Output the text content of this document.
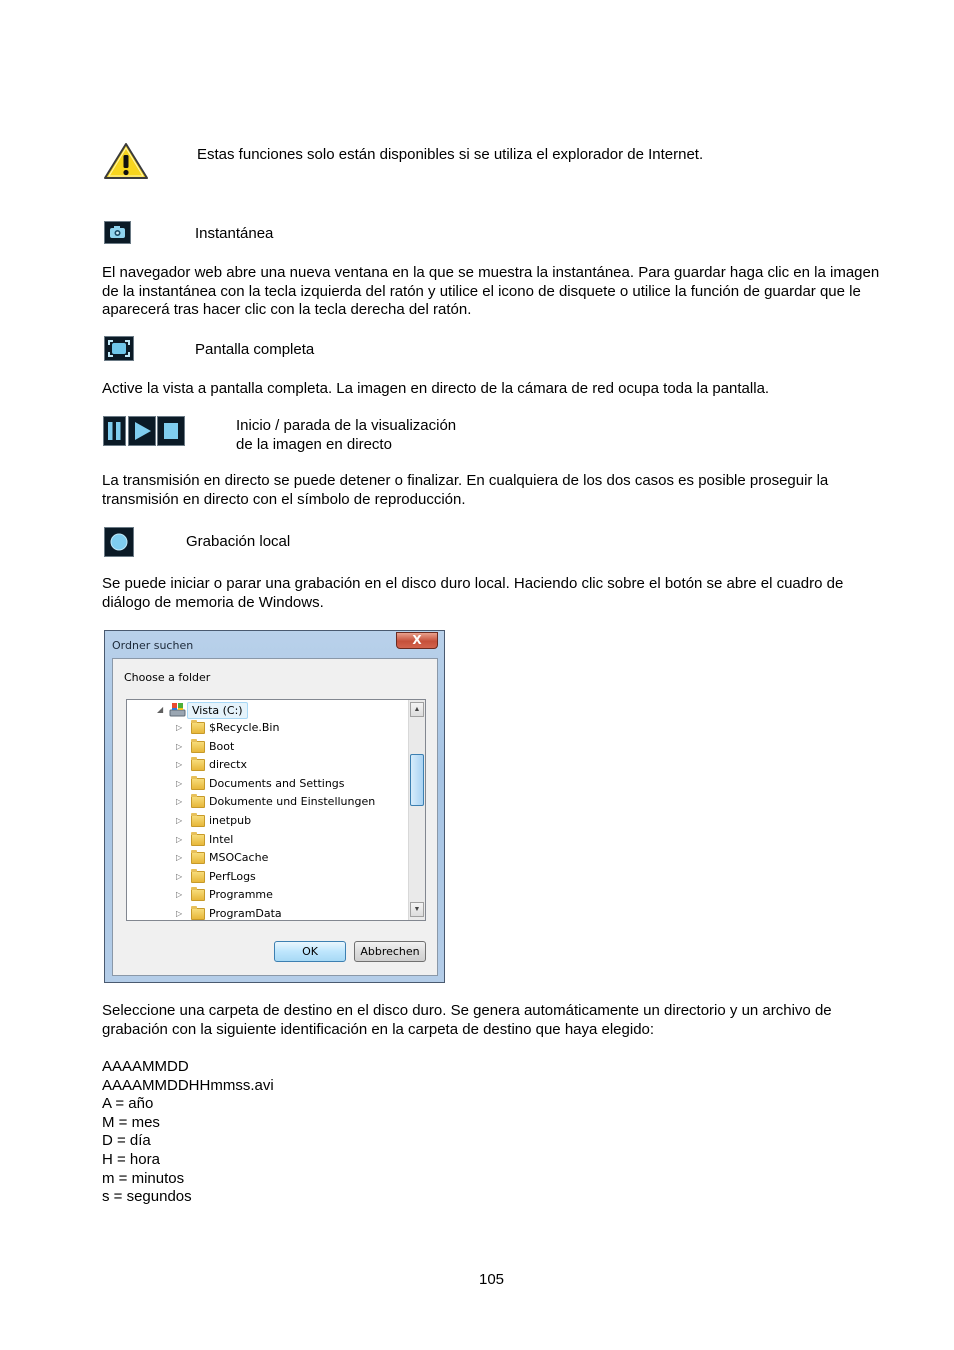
Estas funciones solo están disponibles si se utiliza el explorador de Internet.
Instantánea
El navegador web abre una nueva ventana en la que se muestra la instantánea. Para guardar haga clic en la imagen de la instantánea con la tecla izquierda del ratón y utilice el icono de disquete o utilice la función de guardar que le aparecerá tras hacer clic con la tecla derecha del ratón.
Pantalla completa
Active la vista a pantalla completa. La imagen en directo de la cámara de red ocupa toda la pantalla.
Inicio / parada de la visualización
de la imagen en directo
La transmisión en directo se puede detener o finalizar. En cualquiera de los dos casos es posible proseguir la transmisión en directo con el símbolo de reproducción.
Grabación local
Se puede iniciar o parar una grabación en el disco duro local. Haciendo clic sobre el botón se abre el cuadro de diálogo de memoria de Windows.
Ordner suchen	X
Choose a folder
◢	Vista (C:)
▷ $Recycle.Bin
▷ Boot
▷ directx
▷ Documents and Settings
▷ Dokumente und Einstellungen
▷ inetpub
▷ Intel
▷ MSOCache
▷ PerfLogs
▷ Programme
▷ ProgramData
▲
▼
OK	Abbrechen
Seleccione una carpeta de destino en el disco duro. Se genera automáticamente un directorio y un archivo de grabación con la siguiente identificación en la carpeta de destino que haya elegido:
AAAAMMDD
AAAAMMDDHHmmss.avi
A = año
M = mes
D = día
H = hora
m = minutos
s = segundos
105
